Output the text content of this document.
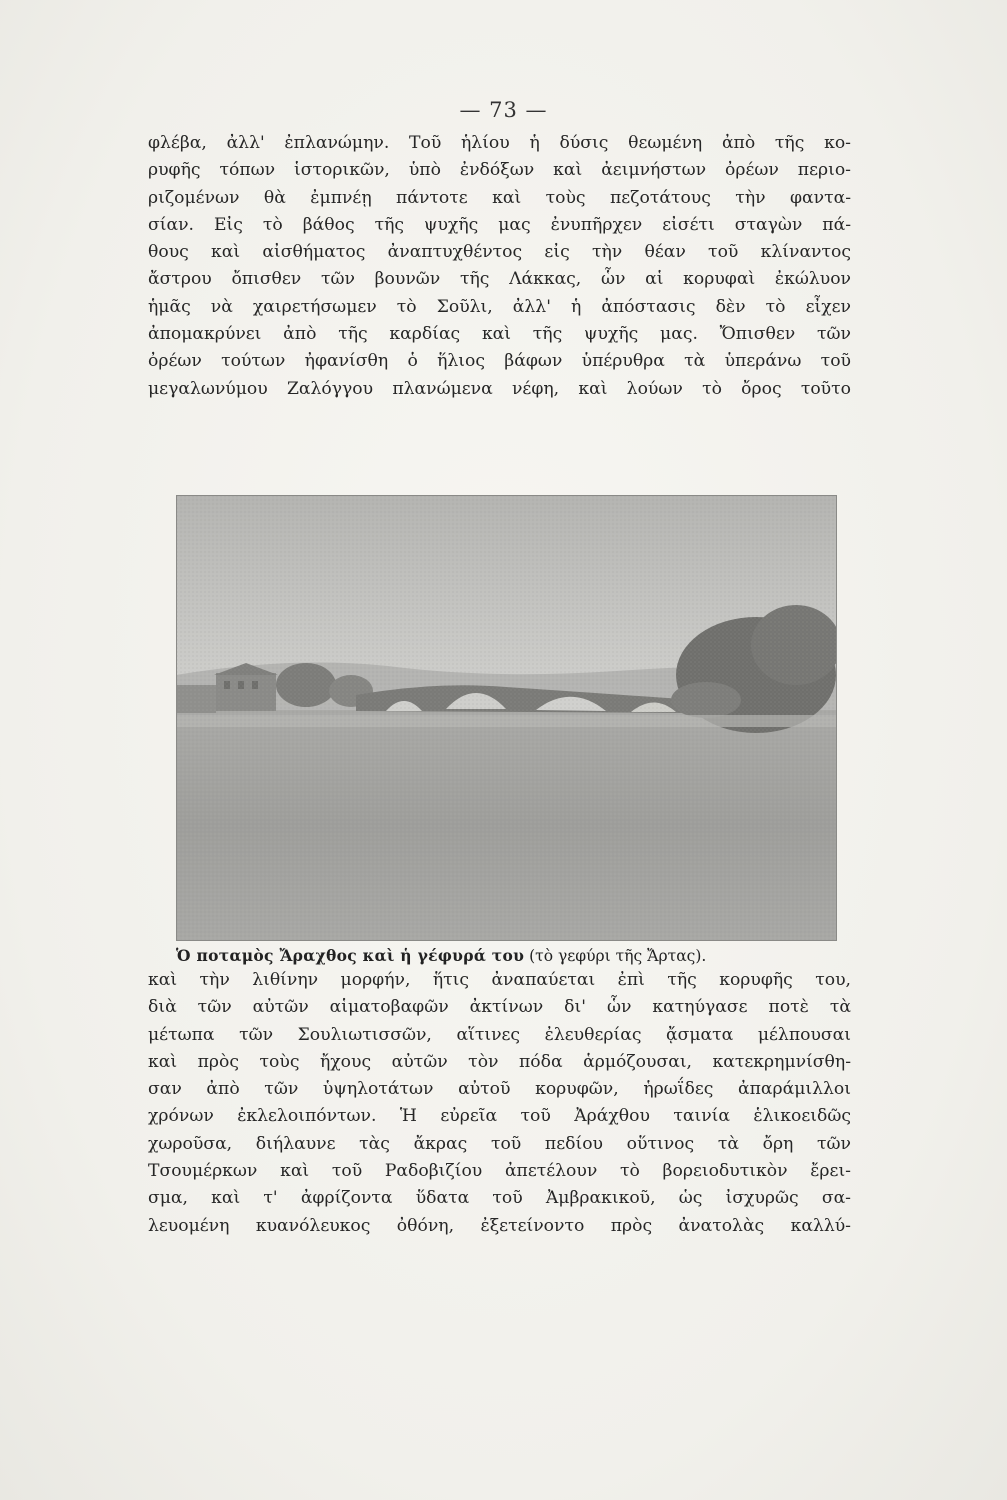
— 73 —
φλέβα, ἀλλ' ἐπλανώμην. Τοῦ ἡλίου ἡ δύσις θεωμένη ἀπὸ τῆς κο-
ρυφῆς τόπων ἱστορικῶν, ὑπὸ ἐνδόξων καὶ ἀειμνήστων ὀρέων περιο-
ριζομένων θὰ ἐμπνέῃ πάντοτε καὶ τοὺς πεζοτάτους τὴν φαντα-
σίαν. Εἰς τὸ βάθος τῆς ψυχῆς μας ἐνυπῆρχεν εἰσέτι σταγὼν πά-
θους καὶ αἰσθήματος ἀναπτυχθέντος εἰς τὴν θέαν τοῦ κλίναντος
ἄστρου ὄπισθεν τῶν βουνῶν τῆς Λάκκας, ὧν αἱ κορυφαὶ ἐκώλυον
ἡμᾶς νὰ χαιρετήσωμεν τὸ Σοῦλι, ἀλλ' ἡ ἀπόστασις δὲν τὸ εἶχεν
ἀπομακρύνει ἀπὸ τῆς καρδίας καὶ τῆς ψυχῆς μας. Ὄπισθεν τῶν
ὀρέων τούτων ἠφανίσθη ὁ ἥλιος βάφων ὑπέρυθρα τὰ ὑπεράνω τοῦ
μεγαλωνύμου Ζαλόγγου πλανώμενα νέφη, καὶ λούων τὸ ὄρος τοῦτο
Ὁ ποταμὸς Ἄραχθος καὶ ἡ γέφυρά του (τὸ γεφύρι τῆς Ἄρτας).
καὶ τὴν λιθίνην μορφήν, ἥτις ἀναπαύεται ἐπὶ τῆς κορυφῆς του,
διὰ τῶν αὐτῶν αἱματοβαφῶν ἀκτίνων δι' ὧν κατηύγασε ποτὲ τὰ
μέτωπα τῶν Σουλιωτισσῶν, αἵτινες ἐλευθερίας ᾄσματα μέλπουσαι
καὶ πρὸς τοὺς ἤχους αὐτῶν τὸν πόδα ἁρμόζουσαι, κατεκρημνίσθη-
σαν ἀπὸ τῶν ὑψηλοτάτων αὐτοῦ κορυφῶν, ἡρωΐδες ἀπαράμιλλοι
χρόνων ἐκλελοιπόντων. Ἡ εὐρεῖα τοῦ Ἀράχθου ταινία ἑλικοειδῶς
χωροῦσα, διήλαυνε τὰς ἄκρας τοῦ πεδίου οὕτινος τὰ ὄρη τῶν
Τσουμέρκων καὶ τοῦ Ραδοβιζίου ἀπετέλουν τὸ βορειοδυτικὸν ἔρει-
σμα, καὶ τ' ἀφρίζοντα ὕδατα τοῦ Ἀμβρακικοῦ, ὡς ἰσχυρῶς σα-
λευομένη κυανόλευκος ὀθόνη, ἐξετείνοντο πρὸς ἀνατολὰς καλλύ-
